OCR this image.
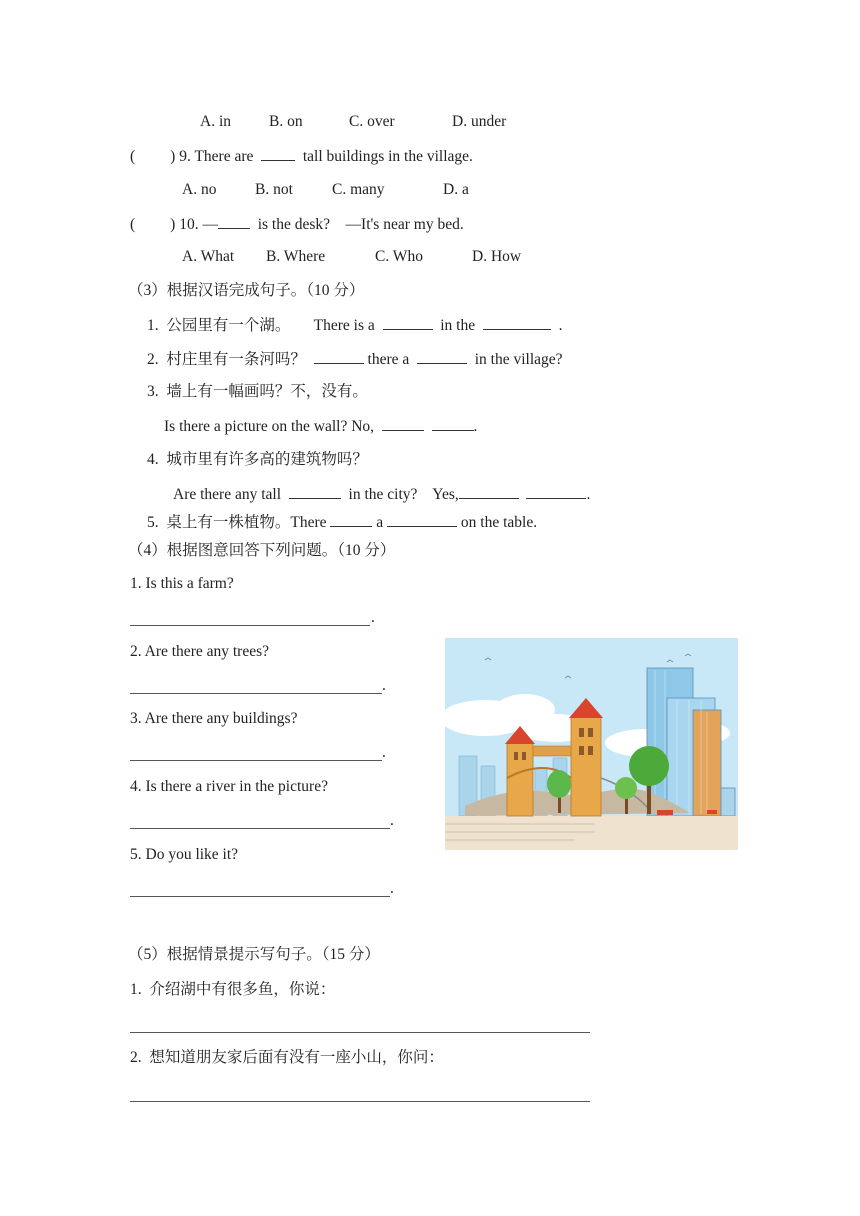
A. in B. on	C. over	D. under
( ) 9. There are	tall buildings in the village.
A. no B. not	C. many	D. a
( ) 10. —	is the desk? —It's near my bed.
A. What B. Where	C. Who	D. How
（3）根据汉语完成句子。（10 分）
1.  公园里有一个湖。 There is a	in the	.
2.  村庄里有一条河吗？	there a	in the village?
3.  墙上有一幅画吗？不，没有。
Is there a picture on the wall? No,	.
4.  城市里有许多高的建筑物吗？
Are there any tall	in the city?    Yes,	.
5.  桌上有一株植物。There	a	on the table.
（4）根据图意回答下列问题。（10 分）
1. Is this a farm?
.
2. Are there any trees?
.
3. Are there any buildings?
.
4. Is there a river in the picture?
.
5. Do you like it?
.
（5）根据情景提示写句子。（15 分）
1.  介绍湖中有很多鱼，你说：
2.  想知道朋友家后面有没有一座小山，你问：
